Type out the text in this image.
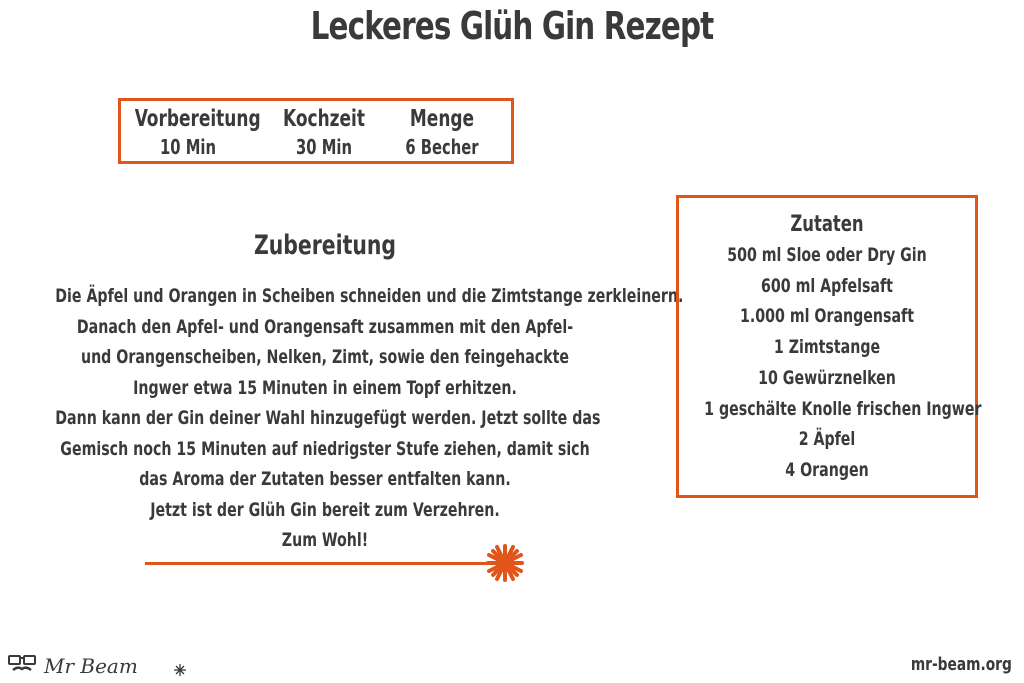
Leckeres Glüh Gin Rezept
Vorbereitung
10 Min
Kochzeit
30 Min
Menge
6 Becher
Zubereitung
Die Äpfel und Orangen in Scheiben schneiden und die Zimtstange zerkleinern.
Danach den Apfel- und Orangensaft zusammen mit den Apfel-
und Orangenscheiben, Nelken, Zimt, sowie den feingehackte
Ingwer etwa 15 Minuten in einem Topf erhitzen.
Dann kann der Gin deiner Wahl hinzugefügt werden. Jetzt sollte das
Gemisch noch 15 Minuten auf niedrigster Stufe ziehen, damit sich
das Aroma der Zutaten besser entfalten kann.
Jetzt ist der Glüh Gin bereit zum Verzehren.
Zum Wohl!
Zutaten
500 ml Sloe oder Dry Gin
600 ml Apfelsaft
1.000 ml Orangensaft
1 Zimtstange
10 Gewürznelken
1 geschälte Knolle frischen Ingwer
2 Äpfel
4 Orangen
Mr Beam	mr-beam.org
